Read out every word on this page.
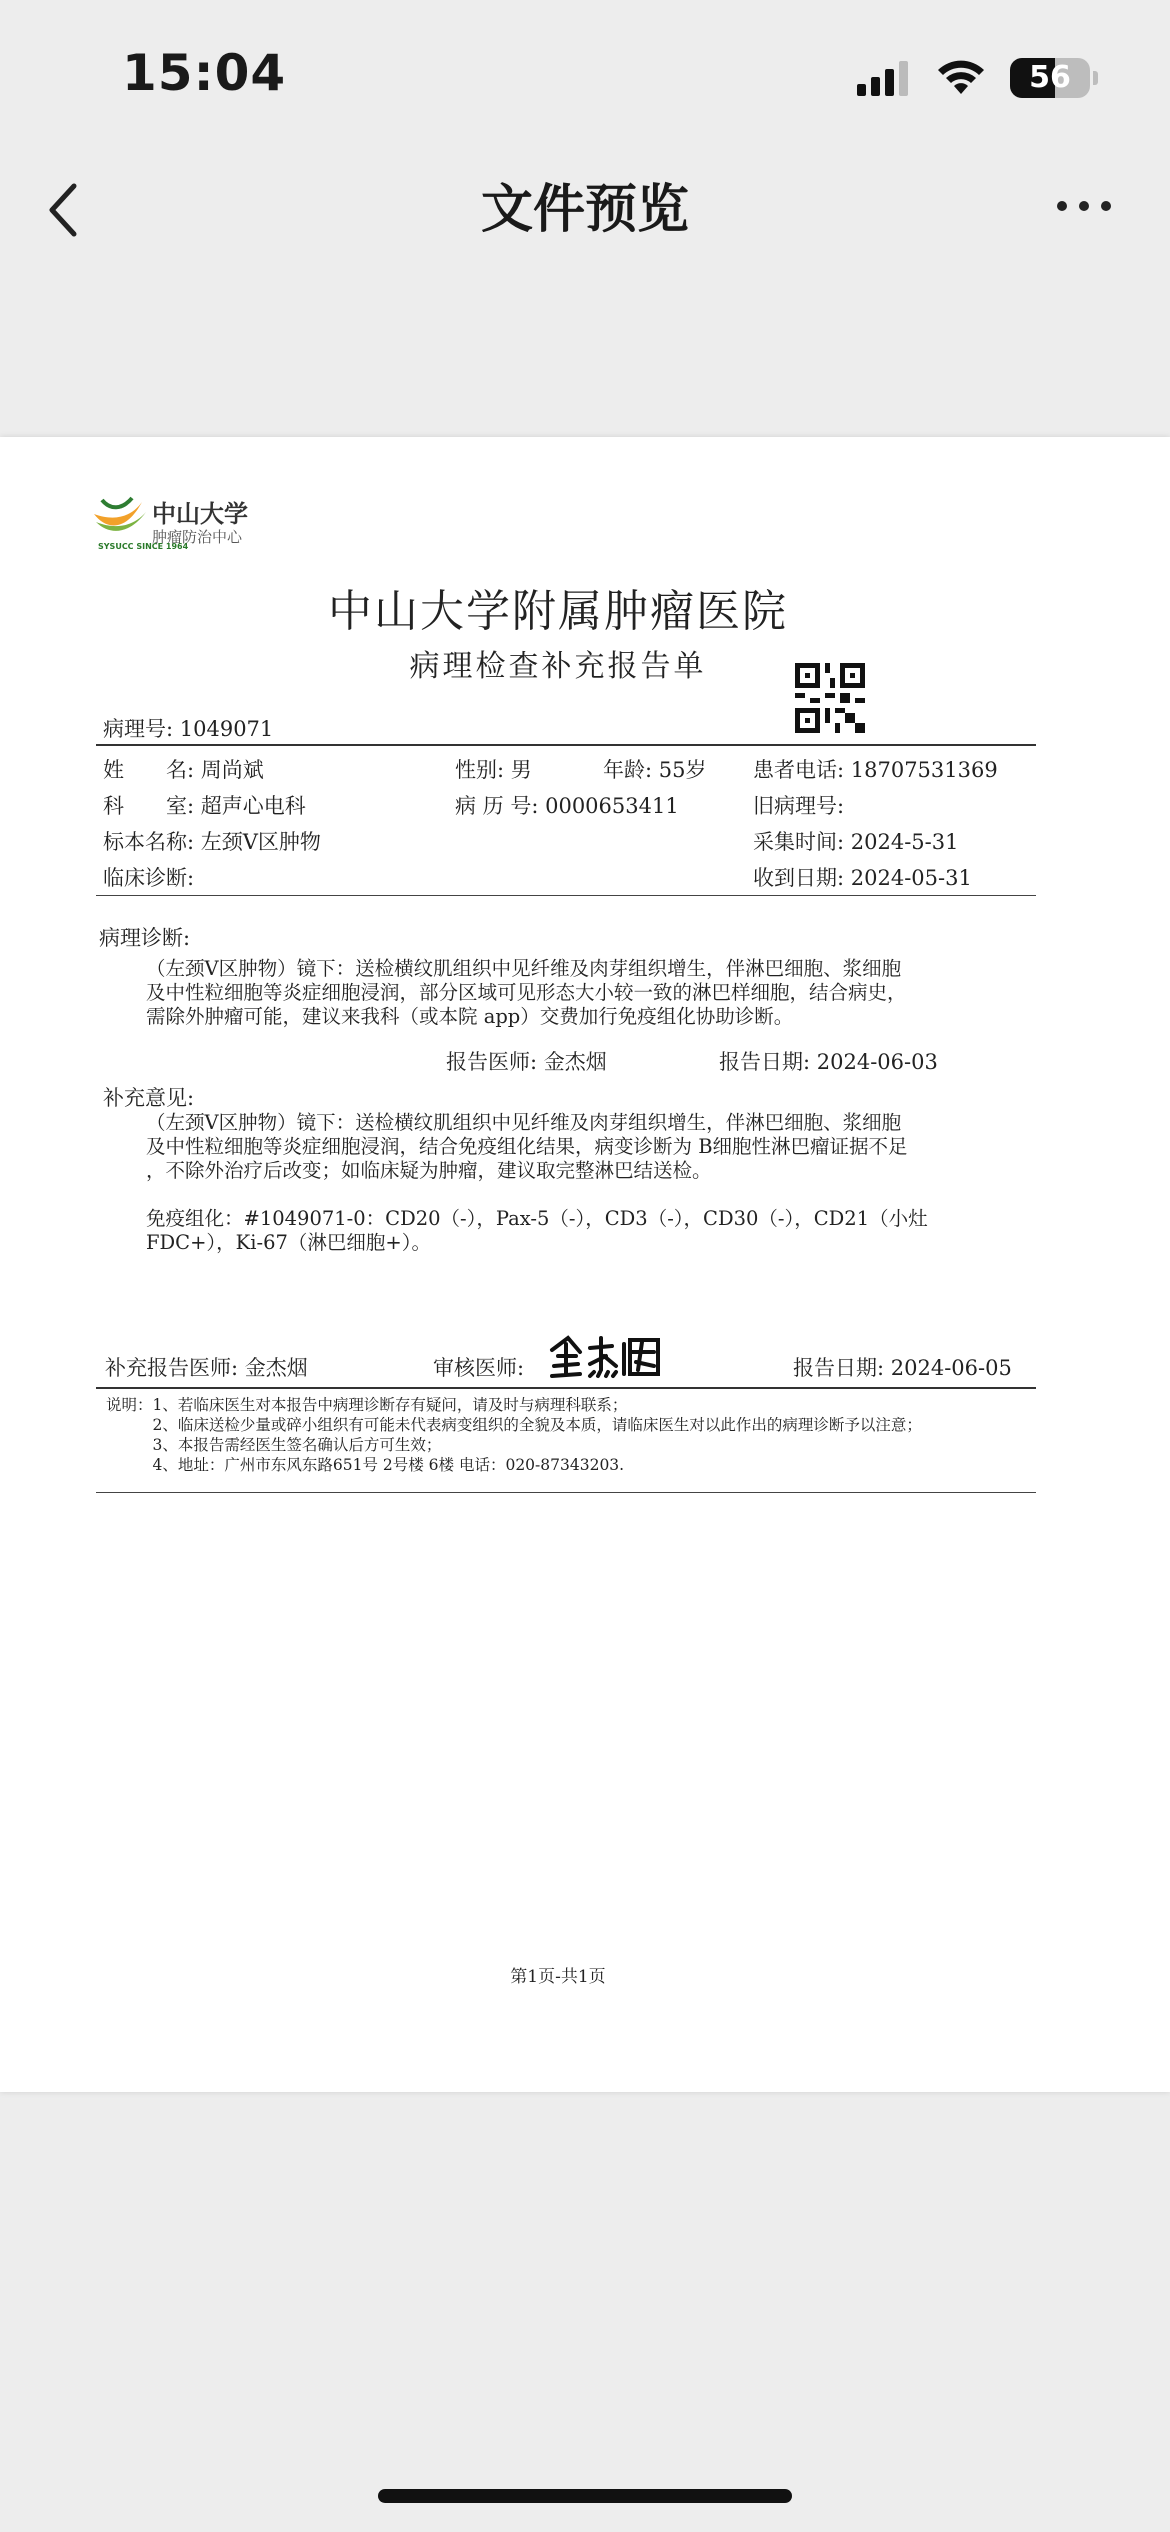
15:04	56
文件预览
中山大学
肿瘤防治中心
SYSUCC SINCE 1964
中山大学附属肿瘤医院
病理检查补充报告单
病理号: 1049071
姓　　名: 周尚斌	性别: 男	年龄: 55岁 患者电话: 18707531369
科　　室: 超声心电科	病 历 号: 0000653411	旧病理号:
标本名称: 左颈V区肿物	采集时间: 2024-5-31
临床诊断:	收到日期: 2024-05-31
病理诊断:
（左颈V区肿物）镜下：送检横纹肌组织中见纤维及肉芽组织增生，伴淋巴细胞、浆细胞
及中性粒细胞等炎症细胞浸润，部分区域可见形态大小较一致的淋巴样细胞，结合病史，
需除外肿瘤可能，建议来我科（或本院 app）交费加行免疫组化协助诊断。
报告医师: 金杰烟	报告日期: 2024-06-03
补充意见:
（左颈V区肿物）镜下：送检横纹肌组织中见纤维及肉芽组织增生，伴淋巴细胞、浆细胞
及中性粒细胞等炎症细胞浸润，结合免疫组化结果，病变诊断为 B细胞性淋巴瘤证据不足
，不除外治疗后改变；如临床疑为肿瘤，建议取完整淋巴结送检。
免疫组化：#1049071-0：CD20（-），Pax-5（-），CD3（-），CD30（-），CD21（小灶
FDC+），Ki-67（淋巴细胞+）。
补充报告医师: 金杰烟	审核医师:	报告日期: 2024-06-05
说明：1、若临床医生对本报告中病理诊断存有疑问，请及时与病理科联系；
　　　2、临床送检少量或碎小组织有可能未代表病变组织的全貌及本质，请临床医生对以此作出的病理诊断予以注意；
　　　3、本报告需经医生签名确认后方可生效；
　　　4、地址：广州市东风东路651号 2号楼 6楼 电话：020-87343203.
第1页-共1页
